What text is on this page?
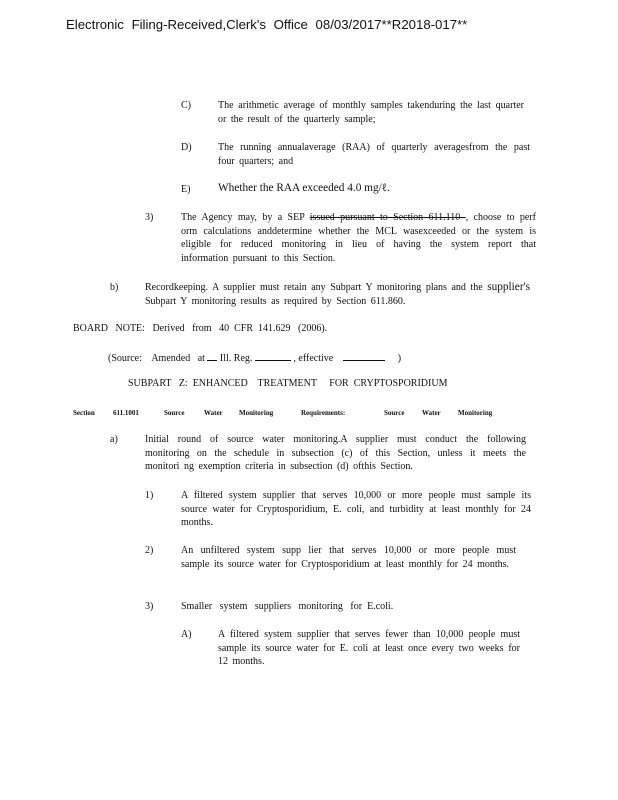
Electronic Filing-Received,Clerk's Office 08/03/2017**R2018-017**
C)	The arithmetic average of monthly samples takenduring the last quarter or the result of the quarterly sample;
D)	The running annualaverage (RAA) of quarterly averagesfrom the past four quarters; and
E) Whether the RAA exceeded 4.0 mg/ℓ.
3)	The Agency may, by a SEP issued pursuant to Section 611.110 , choose to perf orm calculations anddetermine whether the MCL wasexceeded or the system is eligible for reduced monitoring in lieu of having the system report that information pursuant to this Section.
b)	Recordkeeping. A supplier must retain any Subpart Y monitoring plans and the supplier's Subpart Y monitoring results as required by Section 611.860.
BOARD   NOTE:   Derived   from   40  CFR  141.629   (2006).
(Source:    Amended   at Ill. Reg.	, effective	)
SUBPART   Z:  ENHANCED    TREATMENT     FOR  CRYPTOSPORIDIUM
Section	611.1001	Source	Water Monitoring	Requirements:	Source	Water Monitoring
a)	Initial round of source water monitoring.A supplier must conduct the following monitoring on the schedule in subsection (c) of this Section, unless it meets the monitori ng exemption criteria in subsection (d) ofthis Section.
1)	A filtered system supplier that serves 10,000 or more people must sample its source water for Cryptosporidium, E. coli, and turbidity at least monthly for 24 months.
2)	An unfiltered system supp lier that serves 10,000 or more people must sample its source water for Cryptosporidium at least monthly for 24 months.
3)	Smaller   system   suppliers   monitoring   for  E.coli.
A)	A filtered system supplier that serves fewer than 10,000 people must sample its source water for E. coli at least once every two weeks for 12 months.
